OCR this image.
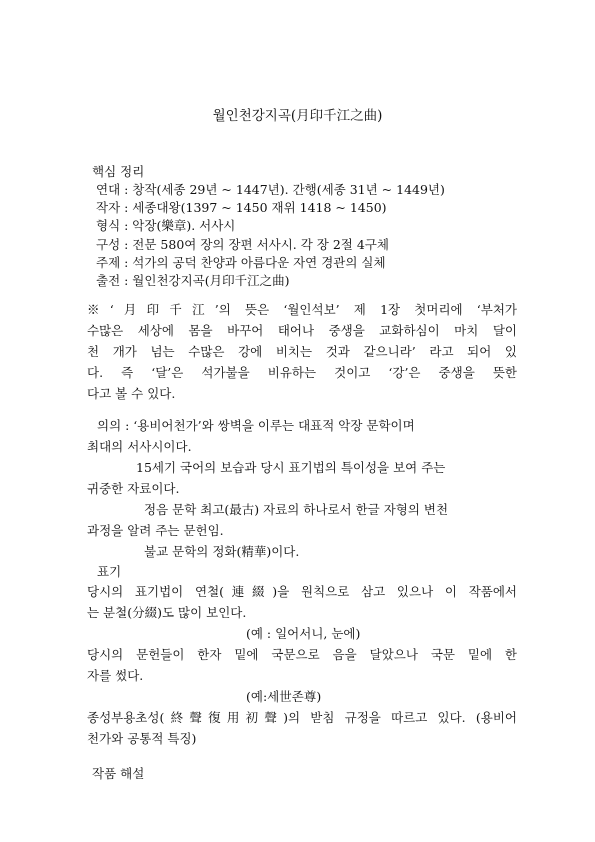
월인천강지곡(月印千江之曲)
핵심 정리
연대 : 창작(세종 29년 ~ 1447년). 간행(세종 31년 ~ 1449년)
작자 : 세종대왕(1397 ~ 1450 재위 1418 ~ 1450)
형식 : 악장(樂章). 서사시
구성 : 전문 580여 장의 장편 서사시. 각 장 2절 4구체
주제 : 석가의 공덕 찬양과 아름다운 자연 경관의 실체
출전 : 월인천강지곡(月印千江之曲)
※‘月印千江’의 뜻은 ‘월인석보’ 제 1장 첫머리에 ‘부처가
수많은 세상에 몸을 바꾸어 태어나 중생을 교화하심이 마치 달이
천 개가 넘는 수많은 강에 비치는 것과 같으니라’ 라고 되어 있
다. 즉 ‘달’은 석가불을 비유하는 것이고 ‘강’은 중생을 뜻한
다고 볼 수 있다.
의의 : ‘용비어천가’와 쌍벽을 이루는 대표적 악장 문학이며
최대의 서사시이다.
15세기 국어의 보습과 당시 표기법의 특이성을 보여 주는
귀중한 자료이다.
정음 문학 최고(最古) 자료의 하나로서 한글 자형의 변천
과정을 알려 주는 문헌임.
불교 문학의 정화(精華)이다.
표기
당시의 표기법이 연철(連綴)을 원칙으로 삼고 있으나 이 작품에서
는 분철(分綴)도 많이 보인다.
(예 : 일어서니, 눈에)
당시의 문헌들이 한자 밑에 국문으로 음을 달았으나 국문 밑에 한
자를 썼다.
(예:세世존尊)
종성부용초성(終聲復用初聲)의 받침 규정을 따르고 있다. (용비어
천가와 공통적 특징)
작품 해설
